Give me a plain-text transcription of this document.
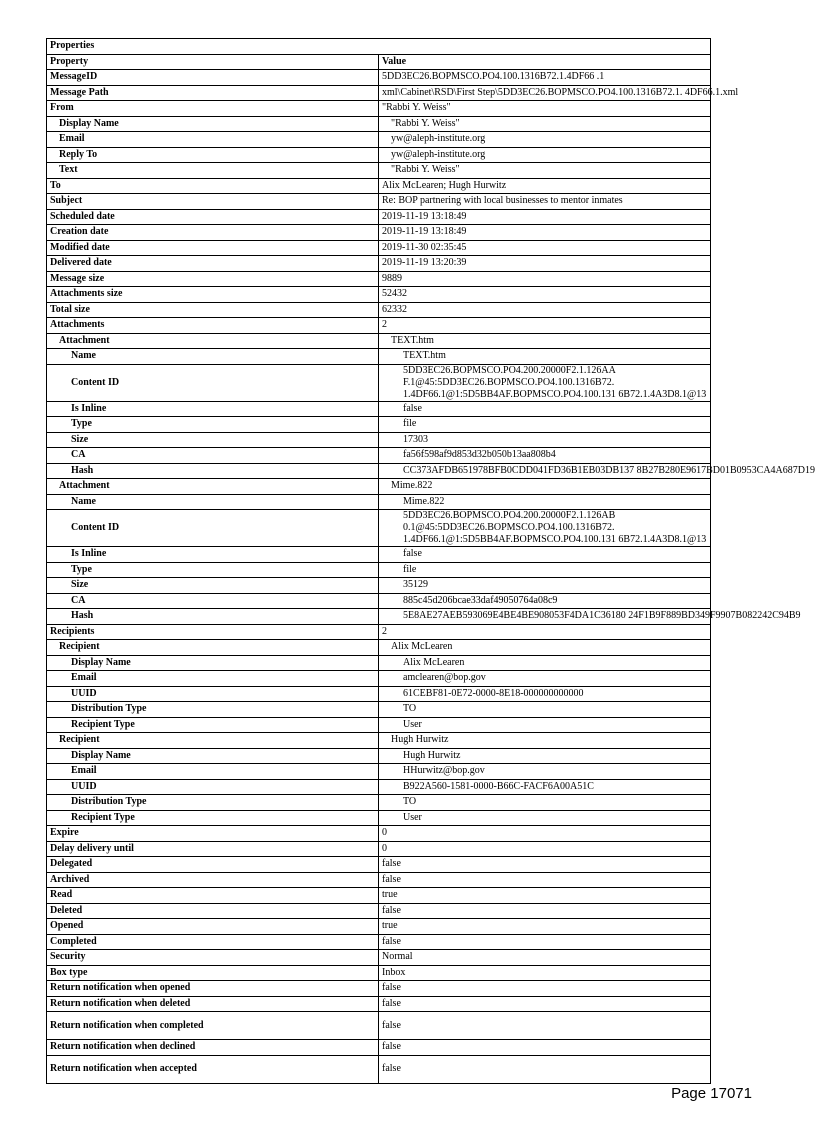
Properties	
Property	Value
MessageID	5DD3EC26.BOPMSCO.PO4.100.1316B72.1.4DF66 .1
Message Path	xml\Cabinet\RSD\First Step\5DD3EC26.BOPMSCO.PO4.100.1316B72.1. 4DF66.1.xml
From	"Rabbi Y. Weiss"
Display Name	"Rabbi Y. Weiss"
Email	yw@aleph-institute.org
Reply To	yw@aleph-institute.org
Text	"Rabbi Y. Weiss"
To	Alix McLearen; Hugh Hurwitz
Subject	Re: BOP partnering with local businesses to mentor inmates
Scheduled date	2019-11-19 13:18:49
Creation date	2019-11-19 13:18:49
Modified date	2019-11-30 02:35:45
Delivered date	2019-11-19 13:20:39
Message size	9889
Attachments size	52432
Total size	62332
Attachments	2
Attachment	TEXT.htm
Name	TEXT.htm
Content ID	5DD3EC26.BOPMSCO.PO4.200.20000F2.1.126AA F.1@45:5DD3EC26.BOPMSCO.PO4.100.1316B72. 1.4DF66.1@1:5D5BB4AF.BOPMSCO.PO4.100.131 6B72.1.4A3D8.1@13
Is Inline	false
Type	file
Size	17303
CA	fa56f598af9d853d32b050b13aa808b4
Hash	CC373AFDB651978BFB0CDD041FD36B1EB03DB137 8B27B280E9617BD01B0953CA4A687D19
Attachment	Mime.822
Name	Mime.822
Content ID	5DD3EC26.BOPMSCO.PO4.200.20000F2.1.126AB 0.1@45:5DD3EC26.BOPMSCO.PO4.100.1316B72. 1.4DF66.1@1:5D5BB4AF.BOPMSCO.PO4.100.131 6B72.1.4A3D8.1@13
Is Inline	false
Type	file
Size	35129
CA	885c45d206bcae33daf49050764a08c9
Hash	5E8AE27AEB593069E4BE4BE908053F4DA1C36180 24F1B9F889BD349F9907B082242C94B9
Recipients	2
Recipient	Alix McLearen
Display Name	Alix McLearen
Email	amclearen@bop.gov
UUID	61CEBF81-0E72-0000-8E18-000000000000
Distribution Type	TO
Recipient Type	User
Recipient	Hugh Hurwitz
Display Name	Hugh Hurwitz
Email	HHurwitz@bop.gov
UUID	B922A560-1581-0000-B66C-FACF6A00A51C
Distribution Type	TO
Recipient Type	User
Expire	0
Delay delivery until	0
Delegated	false
Archived	false
Read	true
Deleted	false
Opened	true
Completed	false
Security	Normal
Box type	Inbox
Return notification when opened	false
Return notification when deleted	false
Return notification when completed	false
Return notification when declined	false
Return notification when accepted	false
Page 17071
